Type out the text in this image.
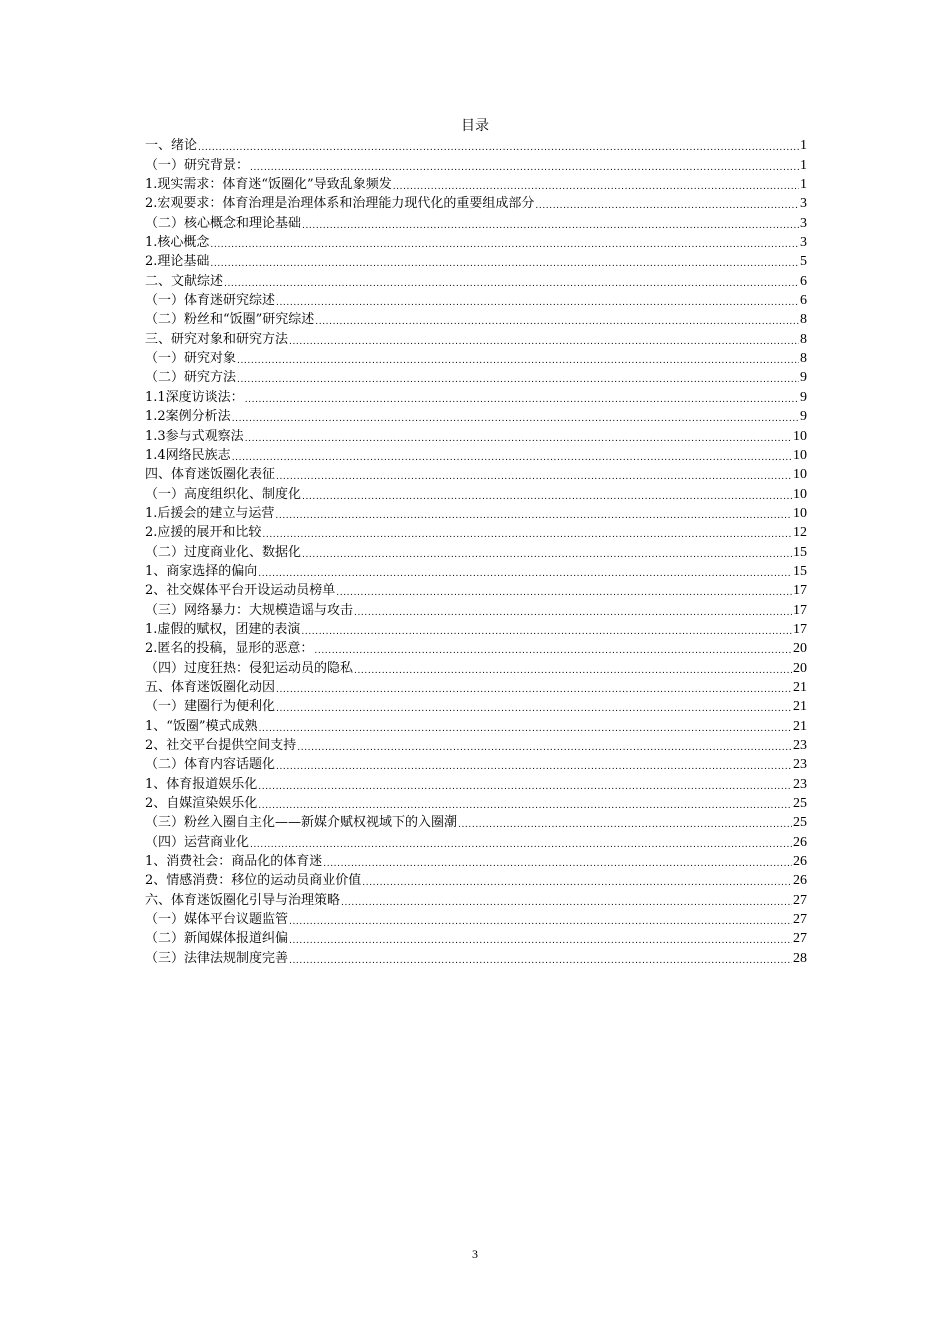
目录
一、绪论 .....	1
（一）研究背景： .....	1
1.现实需求：体育迷“饭圈化”导致乱象频发 .....	1
2.宏观要求：体育治理是治理体系和治理能力现代化的重要组成部分 .....	3
（二）核心概念和理论基础 .....	3
1.核心概念 .....	3
2.理论基础 .....	5
二、文献综述 .....	6
（一）体育迷研究综述 .....	6
（二）粉丝和“饭圈”研究综述 .....	8
三、研究对象和研究方法 .....	8
（一）研究对象 .....	8
（二）研究方法 .....	9
1.1深度访谈法： .....	9
1.2案例分析法 .....	9
1.3参与式观察法 .....	10
1.4网络民族志 .....	10
四、体育迷饭圈化表征 .....	10
（一）高度组织化、制度化 .....	10
1.后援会的建立与运营 .....	10
2.应援的展开和比较 .....	12
（二）过度商业化、数据化 .....	15
1、商家选择的偏向 .....	15
2、社交媒体平台开设运动员榜单 .....	17
（三）网络暴力：大规模造谣与攻击 .....	17
1.虚假的赋权，团建的表演 .....	17
2.匿名的投稿，显形的恶意： .....	20
（四）过度狂热：侵犯运动员的隐私 .....	20
五、体育迷饭圈化动因 .....	21
（一）建圈行为便利化 .....	21
1、“饭圈”模式成熟 .....	21
2、社交平台提供空间支持 .....	23
（二）体育内容话题化 .....	23
1、体育报道娱乐化 .....	23
2、自媒渲染娱乐化 .....	25
（三）粉丝入圈自主化——新媒介赋权视域下的入圈潮 .....	25
（四）运营商业化 .....	26
1、消费社会：商品化的体育迷 .....	26
2、情感消费：移位的运动员商业价值 .....	26
六、体育迷饭圈化引导与治理策略 .....	27
（一）媒体平台议题监管 .....	27
（二）新闻媒体报道纠偏 .....	27
（三）法律法规制度完善 .....	28
3
